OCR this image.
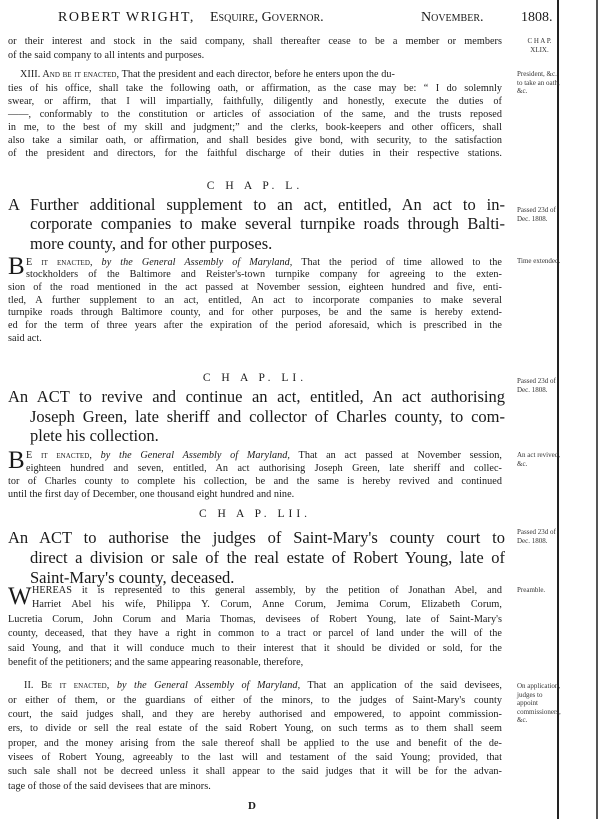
ROBERT WRIGHT, Esquire, Governor.	November.	1808.
C H A P.
XLIX.
or their interest and stock in the said company, shall thereafter cease to be a member or members
of the said company to all intents and purposes.
XIII. And be it enacted, That the president and each director, before he enters upon the du-
ties of his office, shall take the following oath, or affirmation, as the case may be: “ I do solemnly
swear, or affirm, that I will impartially, faithfully, diligently and honestly, execute the duties of
——, conformably to the constitution or articles of association of the same, and the trusts reposed
in me, to the best of my skill and judgment;” and the clerks, book-keepers and other officers, shall
also take a similar oath, or affirmation, and shall besides give bond, with security, to the satisfaction
of the president and directors, for the faithful discharge of their duties in their respective stations.
President, &c. to take an oath, &c.
C H A P. L.
A Further additional supplement to an act, entitled, An act to in-
corporate companies to make several turnpike roads through Balti-
more county, and for other purposes.
Passed 23d of Dec. 1808.
Time extended.
B E it enacted, by the General Assembly of Maryland, That the period of time allowed to the
stockholders of the Baltimore and Reister's-town turnpike company for agreeing to the exten-
sion of the road mentioned in the act passed at November session, eighteen hundred and five, enti-
tled, A further supplement to an act, entitled, An act to incorporate companies to make several
turnpike roads through Baltimore county, and for other purposes, be and the same is hereby extend-
ed for the term of three years after the expiration of the period aforesaid, which is prescribed in the
said act.
C H A P. LI.
An ACT to revive and continue an act, entitled, An act authorising
Joseph Green, late sheriff and collector of Charles county, to com-
plete his collection.
Passed 23d of Dec. 1808.
An act revived, &c.
B E it enacted, by the General Assembly of Maryland, That an act passed at November session,
eighteen hundred and seven, entitled, An act authorising Joseph Green, late sheriff and collec-
tor of Charles county to complete his collection, be and the same is hereby revived and continued
until the first day of December, one thousand eight hundred and nine.
C H A P. LII.
An ACT to authorise the judges of Saint-Mary's county court to
direct a division or sale of the real estate of Robert Young, late of
Saint-Mary's county, deceased.
Passed 23d of Dec. 1808.
Preamble.
W HEREAS it is represented to this general assembly, by the petition of Jonathan Abel, and
Harriet Abel his wife, Philippa Y. Corum, Anne Corum, Jemima Corum, Elizabeth Corum,
Lucretia Corum, John Corum and Maria Thomas, devisees of Robert Young, late of Saint-Mary's
county, deceased, that they have a right in common to a tract or parcel of land under the will of the
said Young, and that it will conduce much to their interest that it should be divided or sold, for the
benefit of the petitioners; and the same appearing reasonable, therefore,
II. Be it enacted, by the General Assembly of Maryland, That an application of the said devisees,
or either of them, or the guardians of either of the minors, to the judges of Saint-Mary's county
court, the said judges shall, and they are hereby authorised and empowered, to appoint commission-
ers, to divide or sell the real estate of the said Robert Young, on such terms as to them shall seem
proper, and the money arising from the sale thereof shall be applied to the use and benefit of the de-
visees of Robert Young, agreeably to the last will and testament of the said Young; provided, that
such sale shall not be decreed unless it shall appear to the said judges that it will be for the advan-
tage of those of the said devisees that are minors.
On application, judges to appoint commissioners, &c.
D
